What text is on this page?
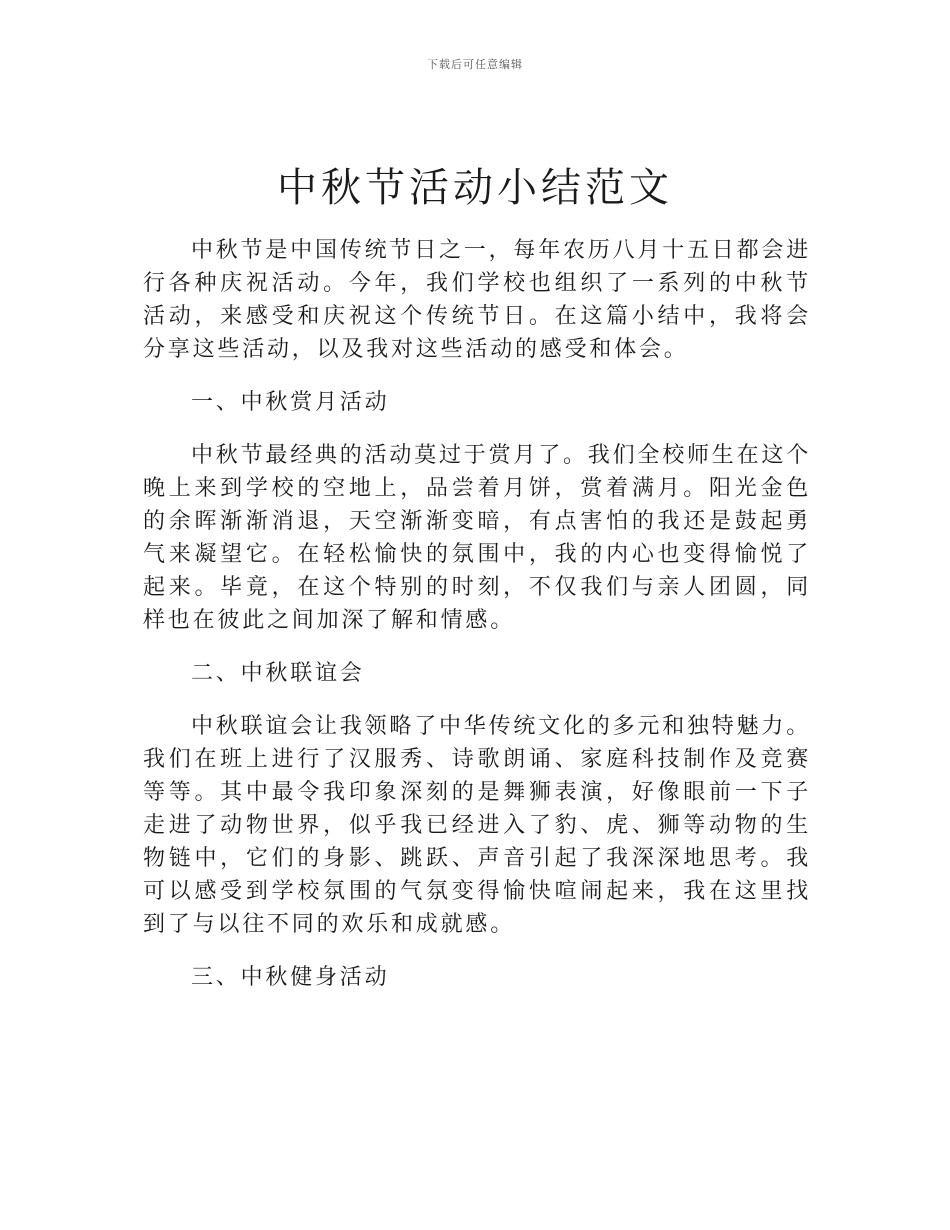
下载后可任意编辑
中秋节活动小结范文

中秋节是中国传统节日之一，每年农历八月十五日都会进行各种庆祝活动。今年，我们学校也组织了一系列的中秋节活动，来感受和庆祝这个传统节日。在这篇小结中，我将会分享这些活动，以及我对这些活动的感受和体会。

一、中秋赏月活动

中秋节最经典的活动莫过于赏月了。我们全校师生在这个晚上来到学校的空地上，品尝着月饼，赏着满月。阳光金色的余晖渐渐消退，天空渐渐变暗，有点害怕的我还是鼓起勇气来凝望它。在轻松愉快的氛围中，我的内心也变得愉悦了起来。毕竟，在这个特别的时刻，不仅我们与亲人团圆，同样也在彼此之间加深了解和情感。

二、中秋联谊会

中秋联谊会让我领略了中华传统文化的多元和独特魅力。我们在班上进行了汉服秀、诗歌朗诵、家庭科技制作及竞赛等等。其中最令我印象深刻的是舞狮表演，好像眼前一下子走进了动物世界，似乎我已经进入了豹、虎、狮等动物的生物链中，它们的身影、跳跃、声音引起了我深深地思考。我可以感受到学校氛围的气氛变得愉快喧闹起来，我在这里找到了与以往不同的欢乐和成就感。

三、中秋健身活动
